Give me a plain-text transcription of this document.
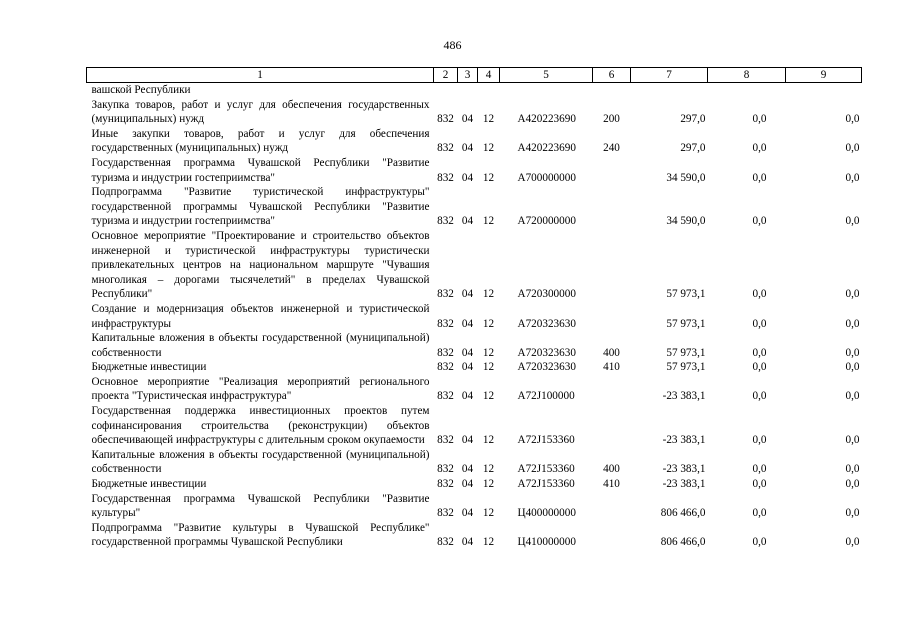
486
1	2	3	4	5	6	7	8	9
вашской Республики								
Закупка товаров, работ и услуг для обеспечения государственных (муниципальных) нужд	832	04	12	A420223690	200	297,0	0,0	0,0
Иные закупки товаров, работ и услуг для обеспечения государственных (муниципальных) нужд	832	04	12	A420223690	240	297,0	0,0	0,0
Государственная программа Чувашской Республики "Развитие туризма и индустрии гостеприимства"	832	04	12	A700000000		34 590,0	0,0	0,0
Подпрограмма "Развитие туристической инфраструктуры" государственной программы Чувашской Республики "Развитие туризма и индустрии гостеприимства"	832	04	12	A720000000		34 590,0	0,0	0,0
Основное мероприятие "Проектирование и строительство объектов инженерной и туристической инфраструктуры туристически привлекательных центров на национальном маршруте "Чувашия многоликая – дорогами тысячелетий" в пределах Чувашской Республики"	832	04	12	A720300000		57 973,1	0,0	0,0
Создание и модернизация объектов инженерной и туристической инфраструктуры	832	04	12	A720323630		57 973,1	0,0	0,0
Капитальные вложения в объекты государственной (муниципальной) собственности	832	04	12	A720323630	400	57 973,1	0,0	0,0
Бюджетные инвестиции	832	04	12	A720323630	410	57 973,1	0,0	0,0
Основное мероприятие "Реализация мероприятий регионального проекта "Туристическая инфраструктура"	832	04	12	A72J100000		-23 383,1	0,0	0,0
Государственная поддержка инвестиционных проектов путем софинансирования строительства (реконструкции) объектов обеспечивающей инфраструктуры с длительным сроком окупаемости	832	04	12	A72J153360		-23 383,1	0,0	0,0
Капитальные вложения в объекты государственной (муниципальной) собственности	832	04	12	A72J153360	400	-23 383,1	0,0	0,0
Бюджетные инвестиции	832	04	12	A72J153360	410	-23 383,1	0,0	0,0
Государственная программа Чувашской Республики "Развитие культуры"	832	04	12	Ц400000000		806 466,0	0,0	0,0
Подпрограмма "Развитие культуры в Чувашской Республике" государственной программы Чувашской Республики	832	04	12	Ц410000000		806 466,0	0,0	0,0
